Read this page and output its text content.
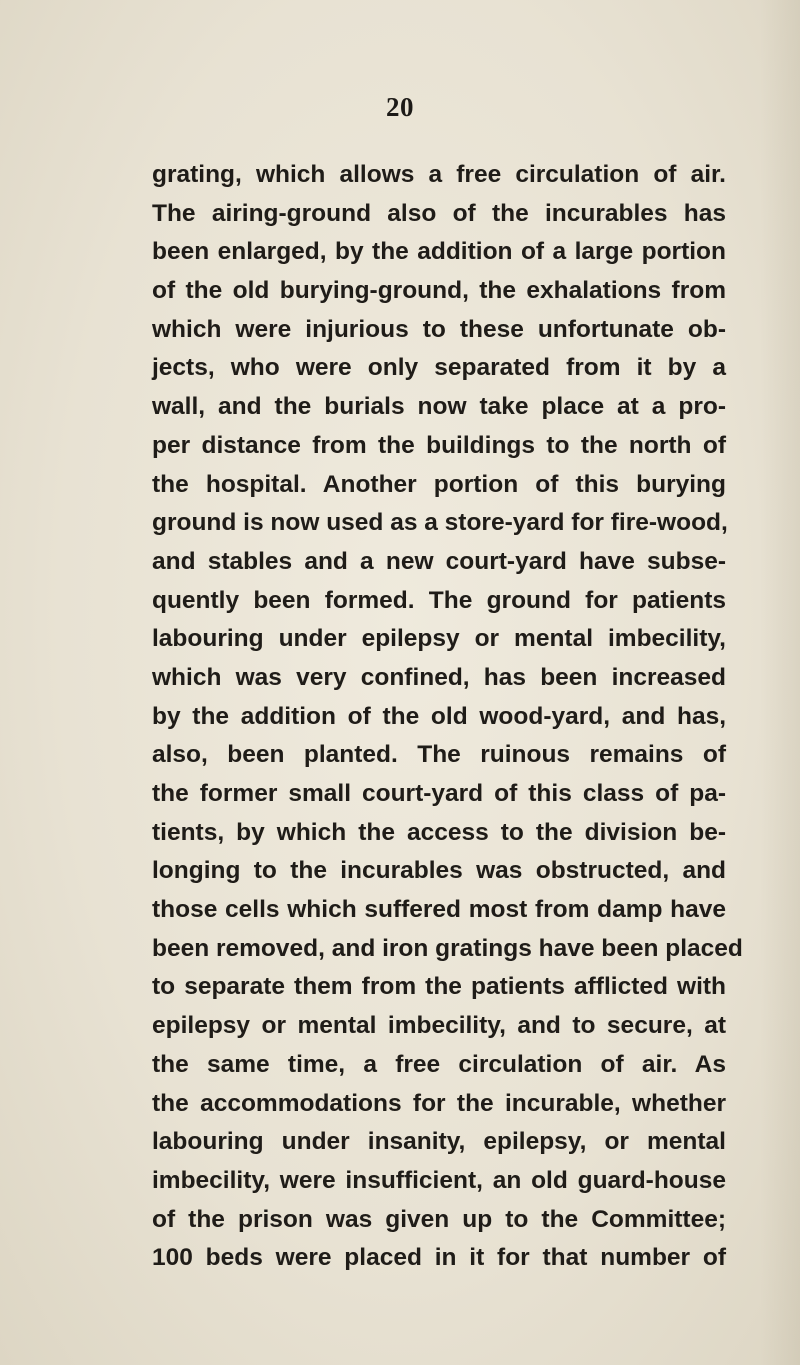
20
grating, which allows a free circulation of air.
The airing-ground also of the incurables has
been enlarged, by the addition of a large portion
of the old burying-ground, the exhalations from
which were injurious to these unfortunate ob-
jects, who were only separated from it by a
wall, and the burials now take place at a pro-
per distance from the buildings to the north of
the hospital. Another portion of this burying
ground is now used as a store-yard for fire-wood,
and stables and a new court-yard have subse-
quently been formed. The ground for patients
labouring under epilepsy or mental imbecility,
which was very confined, has been increased
by the addition of the old wood-yard, and has,
also, been planted. The ruinous remains of
the former small court-yard of this class of pa-
tients, by which the access to the division be-
longing to the incurables was obstructed, and
those cells which suffered most from damp have
been removed, and iron gratings have been placed
to separate them from the patients afflicted with
epilepsy or mental imbecility, and to secure, at
the same time, a free circulation of air. As
the accommodations for the incurable, whether
labouring under insanity, epilepsy, or mental
imbecility, were insufficient, an old guard-house
of the prison was given up to the Committee;
100 beds were placed in it for that number of
